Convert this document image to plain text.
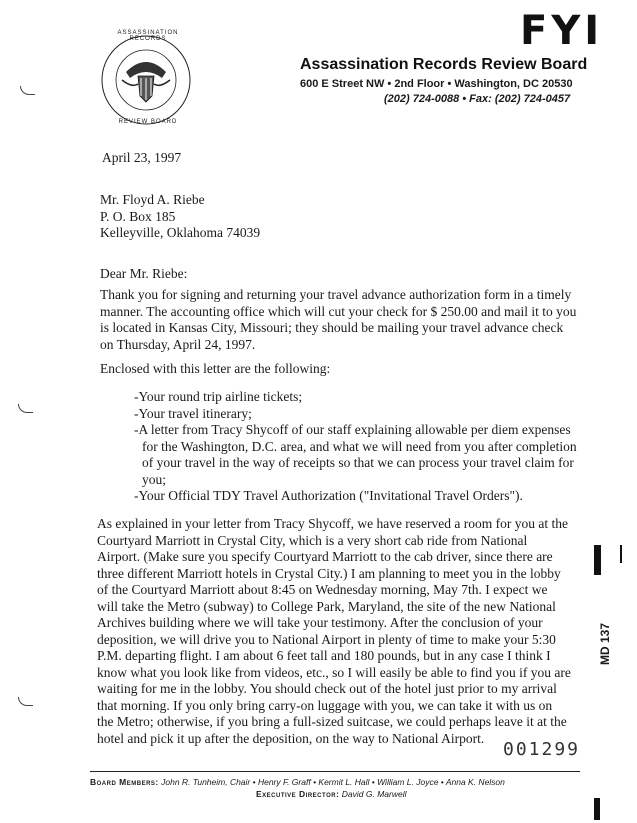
ASSASSINATION RECORDS
REVIEW BOARD
FYI
Assassination Records Review Board
600 E Street NW • 2nd Floor • Washington, DC 20530
(202) 724-0088 • Fax: (202) 724-0457
April 23, 1997
Mr. Floyd A. Riebe
P. O. Box 185
Kelleyville, Oklahoma 74039
Dear Mr. Riebe:
Thank you for signing and returning your travel advance authorization form in a timely
manner. The accounting office which will cut your check for $ 250.00 and mail it to you
is located in Kansas City, Missouri; they should be mailing your travel advance check
on Thursday, April 24, 1997.
Enclosed with this letter are the following:
-Your round trip airline tickets;
-Your travel itinerary;
-A letter from Tracy Shycoff of our staff explaining allowable per diem expenses
for the Washington, D.C. area, and what we will need from you after completion
of your travel in the way of receipts so that we can process your travel claim for
you;
-Your Official TDY Travel Authorization ("Invitational Travel Orders").
As explained in your letter from Tracy Shycoff, we have reserved a room for you at the
Courtyard Marriott in Crystal City, which is a very short cab ride from National
Airport. (Make sure you specify Courtyard Marriott to the cab driver, since there are
three different Marriott hotels in Crystal City.) I am planning to meet you in the lobby
of the Courtyard Marriott about 8:45 on Wednesday morning, May 7th. I expect we
will take the Metro (subway) to College Park, Maryland, the site of the new National
Archives building where we will take your testimony. After the conclusion of your
deposition, we will drive you to National Airport in plenty of time to make your 5:30
P.M. departing flight. I am about 6 feet tall and 180 pounds, but in any case I think I
know what you look like from videos, etc., so I will easily be able to find you if you are
waiting for me in the lobby. You should check out of the hotel just prior to my arrival
that morning. If you only bring carry-on luggage with you, we can take it with us on
the Metro; otherwise, if you bring a full-sized suitcase, we could perhaps leave it at the
hotel and pick it up after the deposition, on the way to National Airport.
001299
MD 137
Board Members: John R. Tunheim, Chair • Henry F. Graff • Kermit L. Hall • William L. Joyce • Anna K. Nelson
Executive Director: David G. Marwell
